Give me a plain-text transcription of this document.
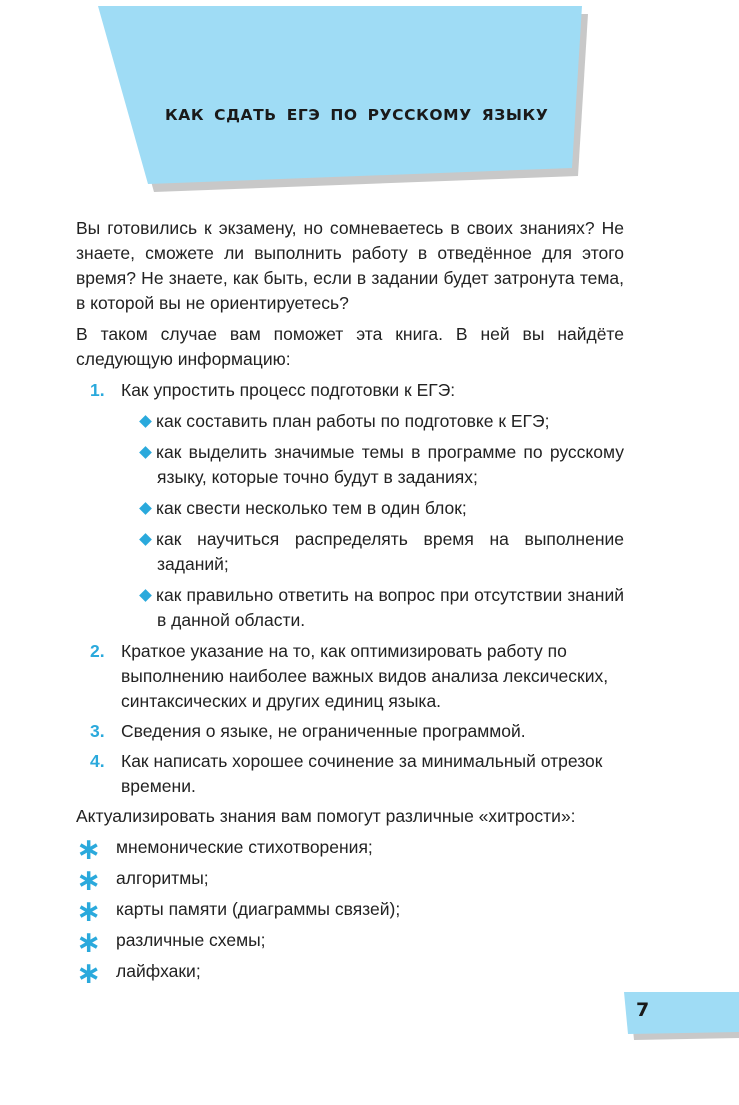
КАК СДАТЬ ЕГЭ ПО РУССКОМУ ЯЗЫКУ

Вы готовились к экзамену, но сомневаетесь в своих знаниях? Не знаете, сможете ли выполнить работу в отведённое для этого время? Не знаете, как быть, если в задании будет затронута тема, в которой вы не ориентируетесь?

В таком случае вам поможет эта книга. В ней вы найдёте следующую информацию:

1. Как упростить процесс подготовки к ЕГЭ:
как составить план работы по подготовке к ЕГЭ;
как выделить значимые темы в программе по русскому языку, которые точно будут в заданиях;
как свести несколько тем в один блок;
как научиться распределять время на выполнение заданий;
как правильно ответить на вопрос при отсутствии знаний в данной области.
2. Краткое указание на то, как оптимизировать работу по выполнению наиболее важных видов анализа лексических, синтаксических и других единиц языка.
3. Сведения о языке, не ограниченные программой.
4. Как написать хорошее сочинение за минимальный отрезок времени.

Актуализировать знания вам помогут различные «хитрости»:

∗ мнемонические стихотворения;
∗ алгоритмы;
∗ карты памяти (диаграммы связей);
∗ различные схемы;
∗ лайфхаки;
7
